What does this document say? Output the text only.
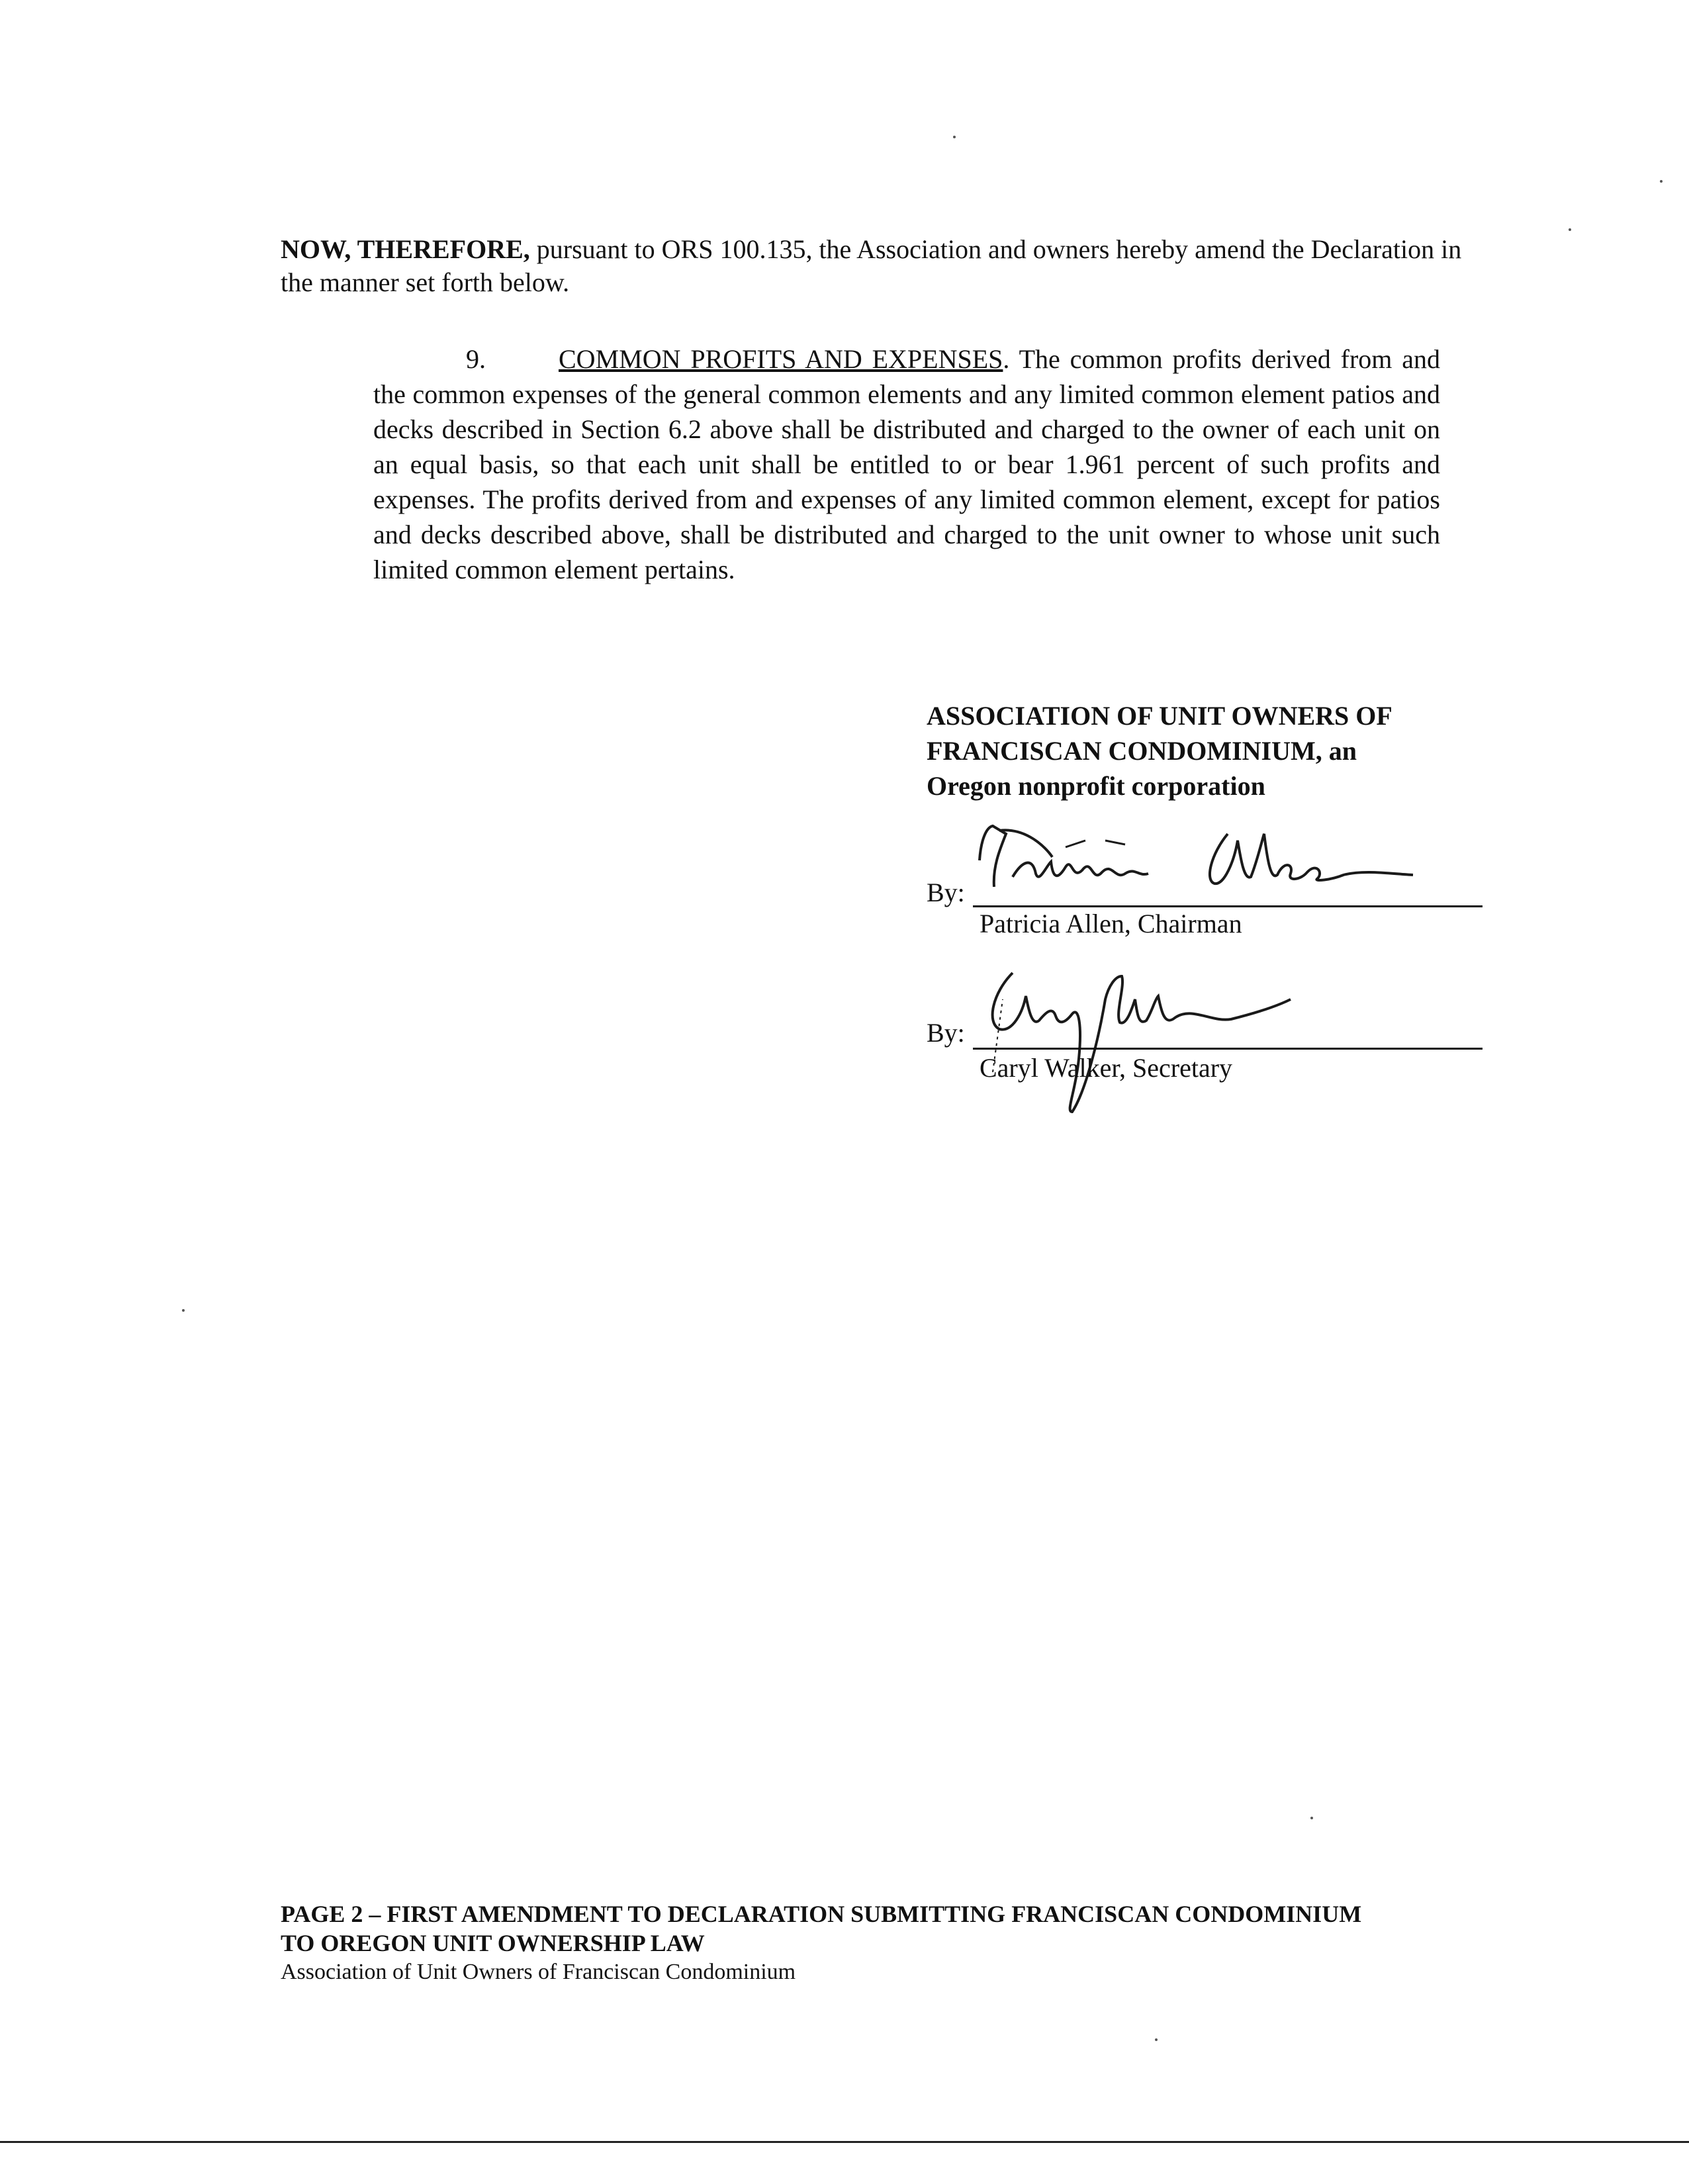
NOW, THEREFORE, pursuant to ORS 100.135, the Association and owners hereby amend the Declaration in the manner set forth below.
9.	COMMON PROFITS AND EXPENSES. The common profits derived from and the common expenses of the general common elements and any limited common element patios and decks described in Section 6.2 above shall be distributed and charged to the owner of each unit on an equal basis, so that each unit shall be entitled to or bear 1.961 percent of such profits and expenses. The profits derived from and expenses of any limited common element, except for patios and decks described above, shall be distributed and charged to the unit owner to whose unit such limited common element pertains.
ASSOCIATION OF UNIT OWNERS OF
FRANCISCAN CONDOMINIUM, an
Oregon nonprofit corporation
By:
Patricia Allen, Chairman
By:
Caryl Walker, Secretary
PAGE 2 – FIRST AMENDMENT TO DECLARATION SUBMITTING FRANCISCAN CONDOMINIUM
TO OREGON UNIT OWNERSHIP LAW
Association of Unit Owners of Franciscan Condominium
